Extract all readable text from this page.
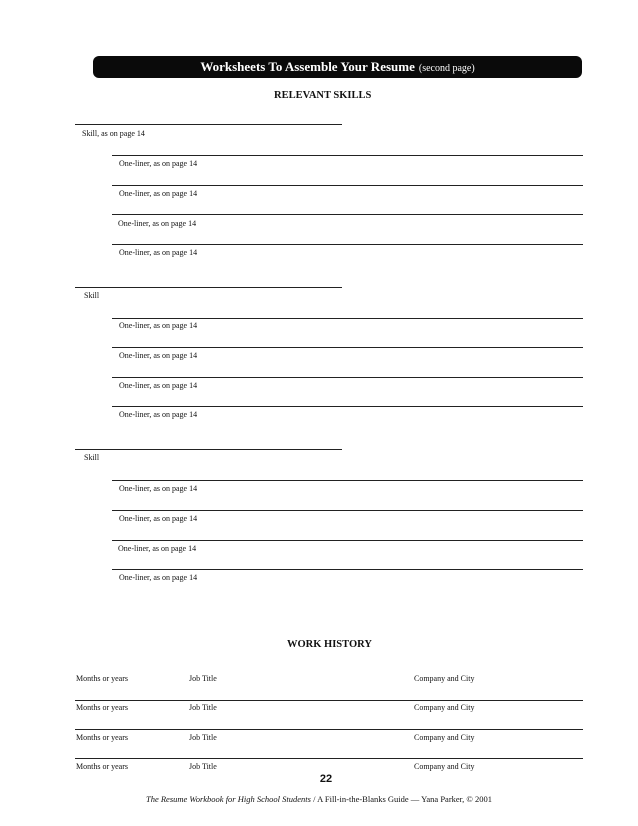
Worksheets To Assemble Your Resume (second page)
RELEVANT SKILLS
Skill, as on page 14
One-liner, as on page 14
One-liner, as on page 14
One-liner, as on page 14
One-liner, as on page 14
Skill
One-liner, as on page 14
One-liner, as on page 14
One-liner, as on page 14
One-liner, as on page 14
Skill
One-liner, as on page 14
One-liner, as on page 14
One-liner, as on page 14
One-liner, as on page 14
WORK HISTORY
Months or years	Job Title	Company and City
Months or years	Job Title	Company and City
Months or years	Job Title	Company and City
Months or years	Job Title	Company and City
22
The Resume Workbook for High School Students / A Fill-in-the-Blanks Guide — Yana Parker, © 2001
